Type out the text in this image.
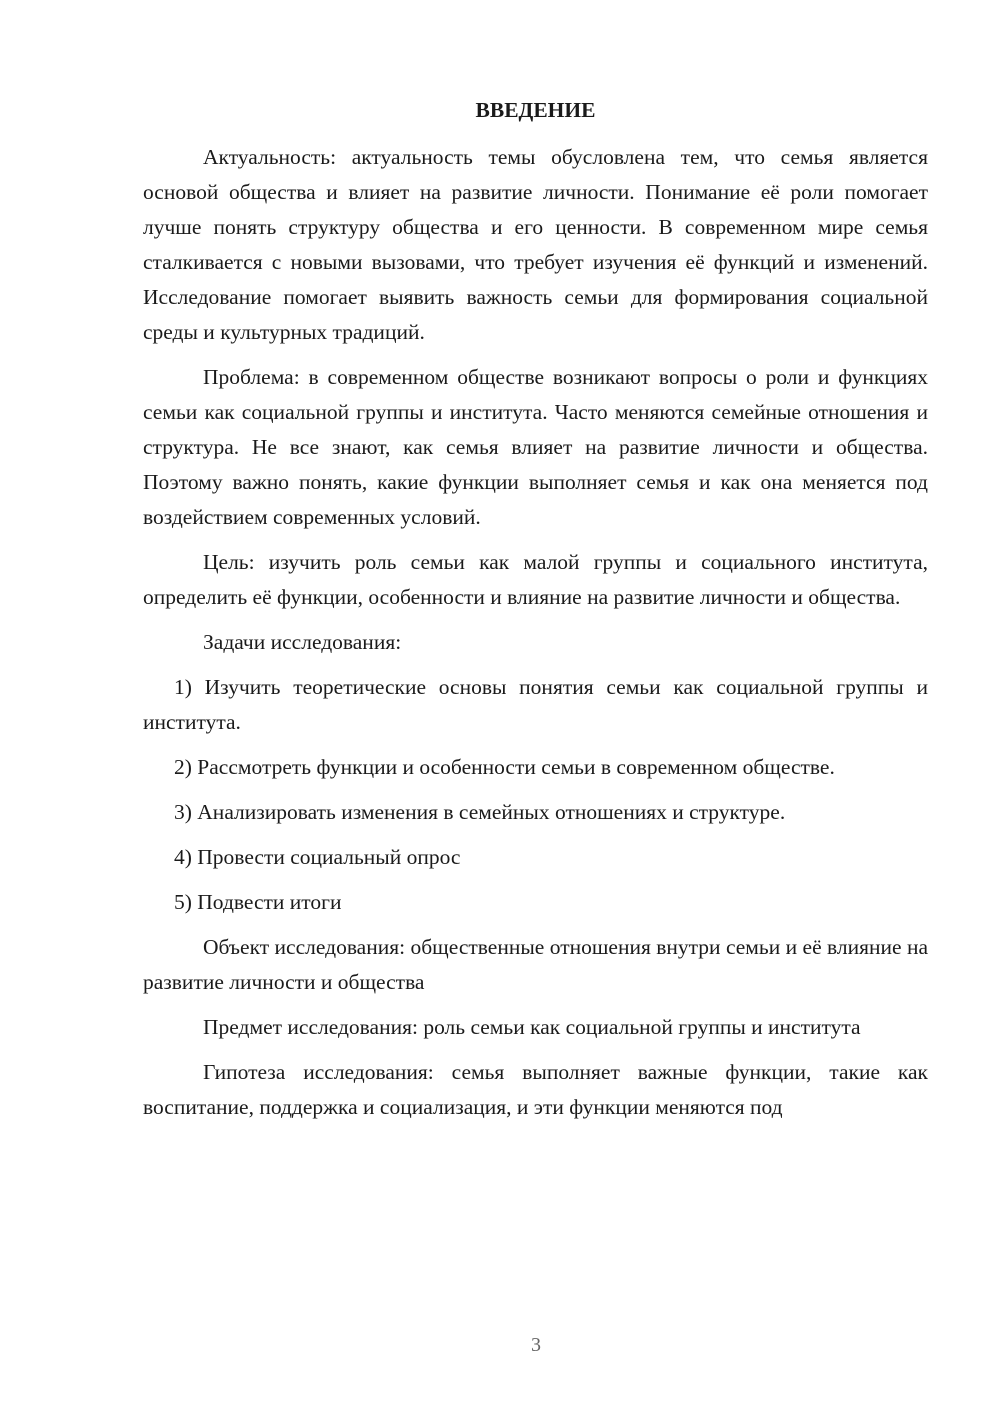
ВВЕДЕНИЕ

Актуальность: актуальность темы обусловлена тем, что семья является основой общества и влияет на развитие личности. Понимание её роли помогает лучше понять структуру общества и его ценности. В современном мире семья сталкивается с новыми вызовами, что требует изучения её функций и изменений. Исследование помогает выявить важность семьи для формирования социальной среды и культурных традиций.

Проблема: в современном обществе возникают вопросы о роли и функциях семьи как социальной группы и института. Часто меняются семейные отношения и структура. Не все знают, как семья влияет на развитие личности и общества. Поэтому важно понять, какие функции выполняет семья и как она меняется под воздействием современных условий.

Цель: изучить роль семьи как малой группы и социального института, определить её функции, особенности и влияние на развитие личности и общества.

Задачи исследования:

1) Изучить теоретические основы понятия семьи как социальной группы и института.

2) Рассмотреть функции и особенности семьи в современном обществе.

3) Анализировать изменения в семейных отношениях и структуре.

4) Провести социальный опрос

5) Подвести итоги

Объект исследования: общественные отношения внутри семьи и её влияние на развитие личности и общества

Предмет исследования: роль семьи как социальной группы и института

Гипотеза исследования: семья выполняет важные функции, такие как воспитание, поддержка и социализация, и эти функции меняются под

3
